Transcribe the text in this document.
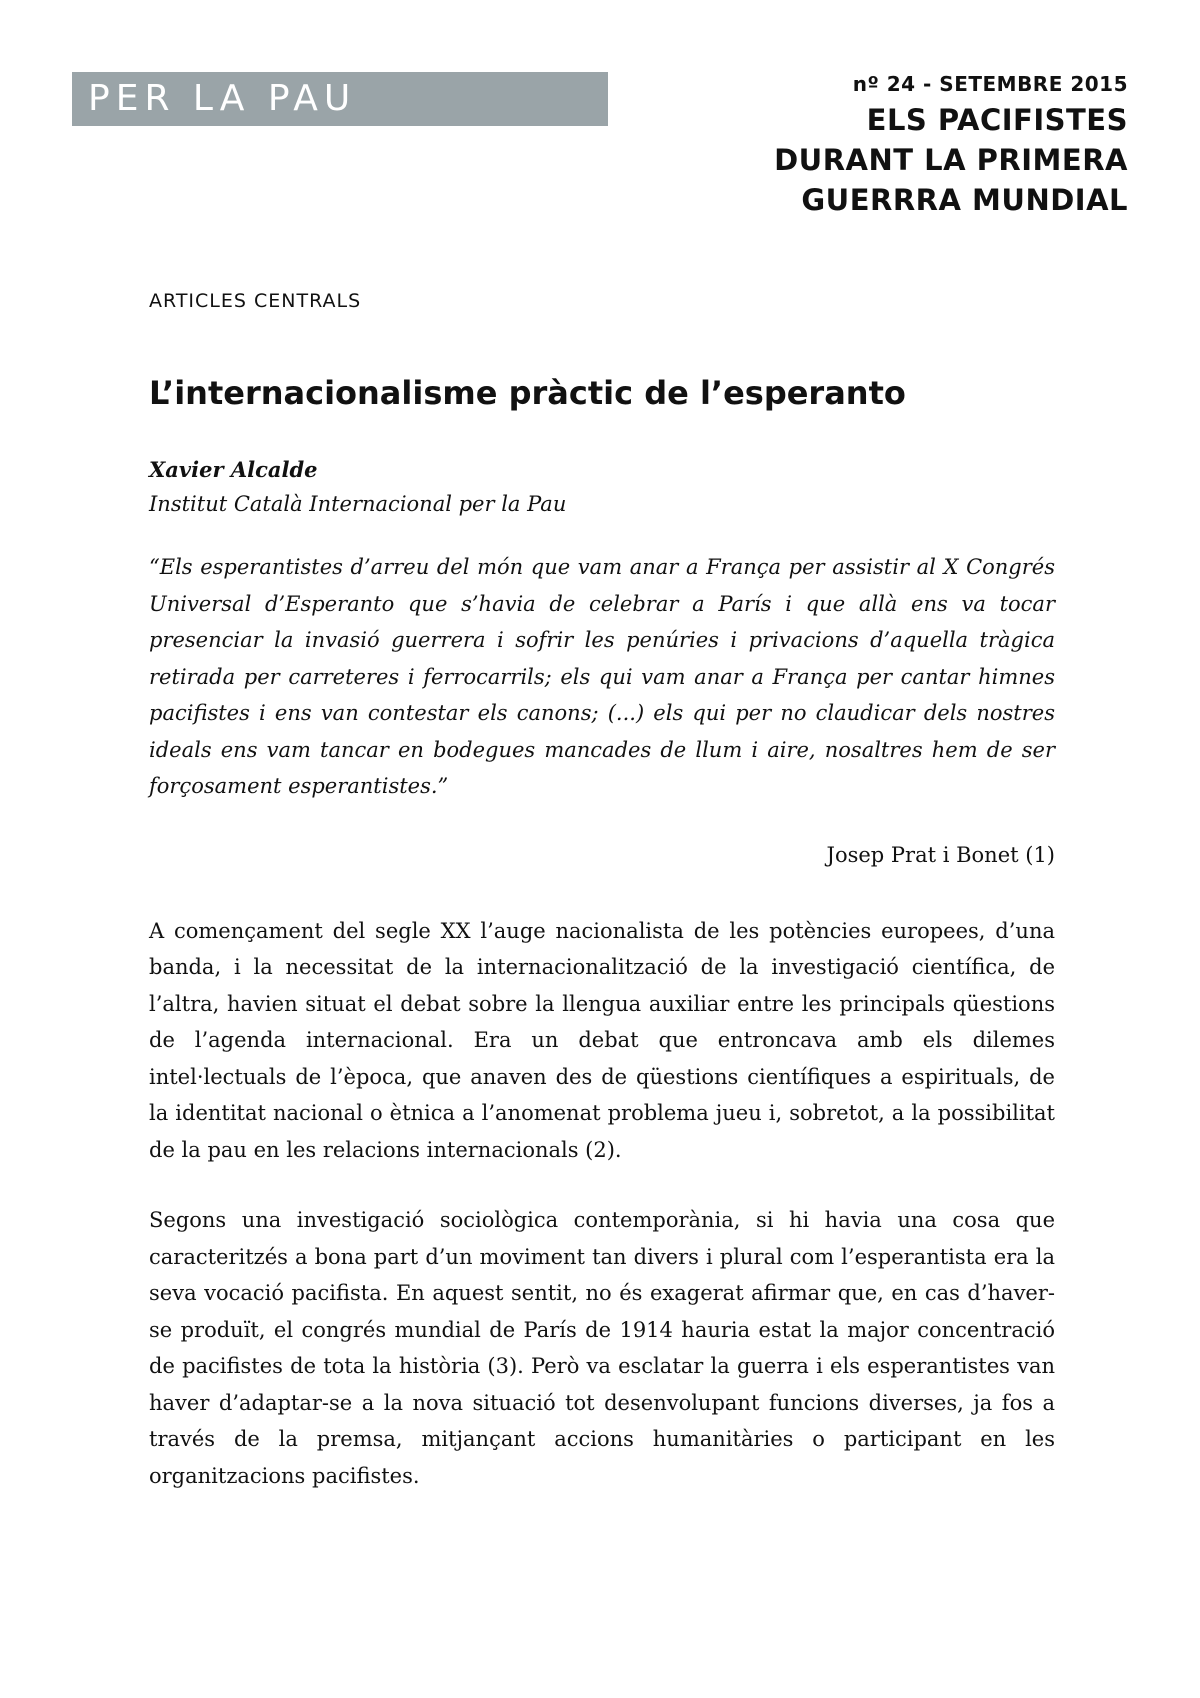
PER LA PAU	nº 24 - SETEMBRE 2015
ELS PACIFISTES DURANT LA PRIMERA GUERRRA MUNDIAL
ARTICLES CENTRALS
L’internacionalisme pràctic de l’esperanto
Xavier Alcalde
Institut Català Internacional per la Pau
“Els esperantistes d’arreu del món que vam anar a França per assistir al X Congrés Universal d’Esperanto que s’havia de celebrar a París i que allà ens va tocar presenciar la invasió guerrera i sofrir les penúries i privacions d’aquella tràgica retirada per carreteres i ferrocarrils; els qui vam anar a França per cantar himnes pacifistes i ens van contestar els canons; (...) els qui per no claudicar dels nostres ideals ens vam tancar en bodegues mancades de llum i aire, nosaltres hem de ser forçosament esperantistes.”
Josep Prat i Bonet (1)
A començament del segle XX l’auge nacionalista de les potències europees, d’una banda, i la necessitat de la internacionalització de la investigació científica, de l’altra, havien situat el debat sobre la llengua auxiliar entre les principals qüestions de l’agenda internacional. Era un debat que entroncava amb els dilemes intel·lectuals de l’època, que anaven des de qüestions científiques a espirituals, de la identitat nacional o ètnica a l’anomenat problema jueu i, sobretot, a la possibilitat de la pau en les relacions internacionals (2).
Segons una investigació sociològica contemporània, si hi havia una cosa que caracteritzés a bona part d’un moviment tan divers i plural com l’esperantista era la seva vocació pacifista. En aquest sentit, no és exagerat afirmar que, en cas d’haver-se produït, el congrés mundial de París de 1914 hauria estat la major concentració de pacifistes de tota la història (3). Però va esclatar la guerra i els esperantistes van haver d’adaptar-se a la nova situació tot desenvolupant funcions diverses, ja fos a través de la premsa, mitjançant accions humanitàries o participant en les organitzacions pacifistes.
